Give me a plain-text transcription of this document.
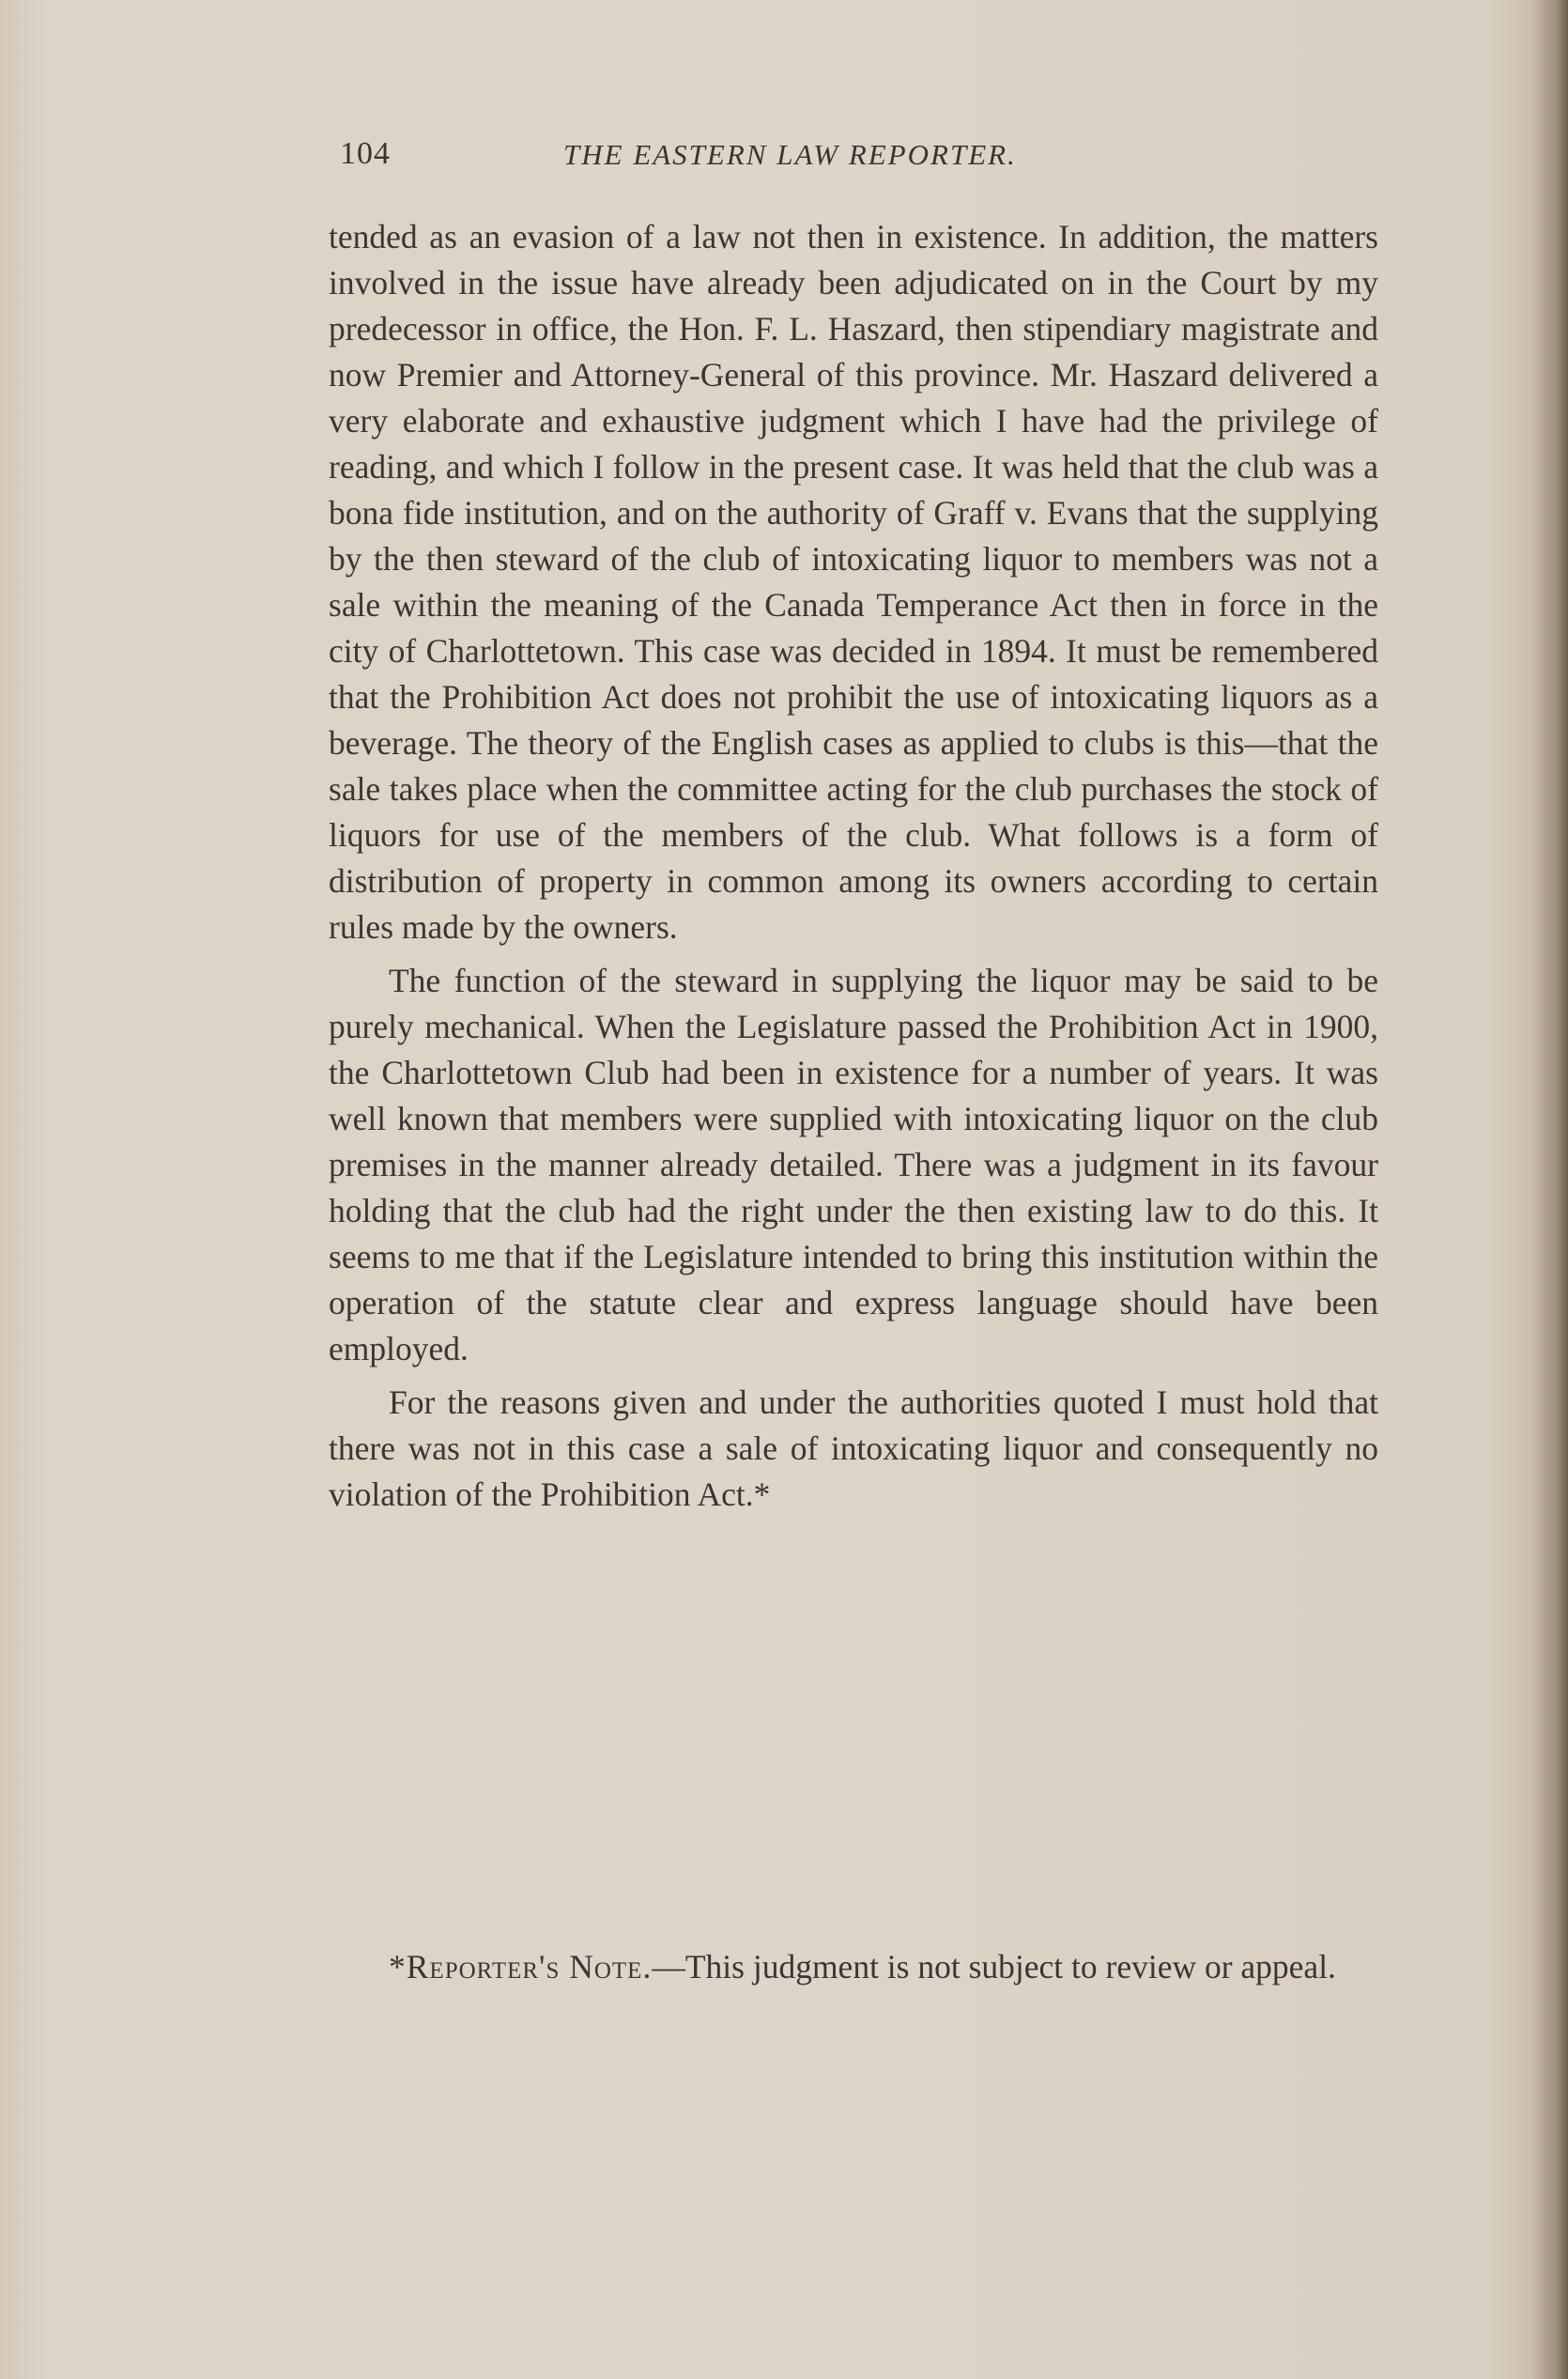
104	THE EASTERN LAW REPORTER.

tended as an evasion of a law not then in existence. In addition, the matters involved in the issue have already been adjudicated on in the Court by my predecessor in office, the Hon. F. L. Haszard, then stipendiary magistrate and now Premier and Attorney-General of this province. Mr. Haszard delivered a very elaborate and exhaustive judgment which I have had the privilege of reading, and which I follow in the present case. It was held that the club was a bona fide institution, and on the authority of Graff v. Evans that the supplying by the then steward of the club of intoxicating liquor to members was not a sale within the meaning of the Canada Temperance Act then in force in the city of Charlottetown. This case was decided in 1894. It must be remembered that the Prohibition Act does not prohibit the use of intoxicating liquors as a beverage. The theory of the English cases as applied to clubs is this—that the sale takes place when the committee acting for the club purchases the stock of liquors for use of the members of the club. What follows is a form of distribution of property in common among its owners according to certain rules made by the owners.

The function of the steward in supplying the liquor may be said to be purely mechanical. When the Legislature passed the Prohibition Act in 1900, the Charlottetown Club had been in existence for a number of years. It was well known that members were supplied with intoxicating liquor on the club premises in the manner already detailed. There was a judgment in its favour holding that the club had the right under the then existing law to do this. It seems to me that if the Legislature intended to bring this institution within the operation of the statute clear and express language should have been employed.

For the reasons given and under the authorities quoted I must hold that there was not in this case a sale of intoxicating liquor and consequently no violation of the Prohibition Act.*

*Reporter's Note.—This judgment is not subject to review or appeal.
